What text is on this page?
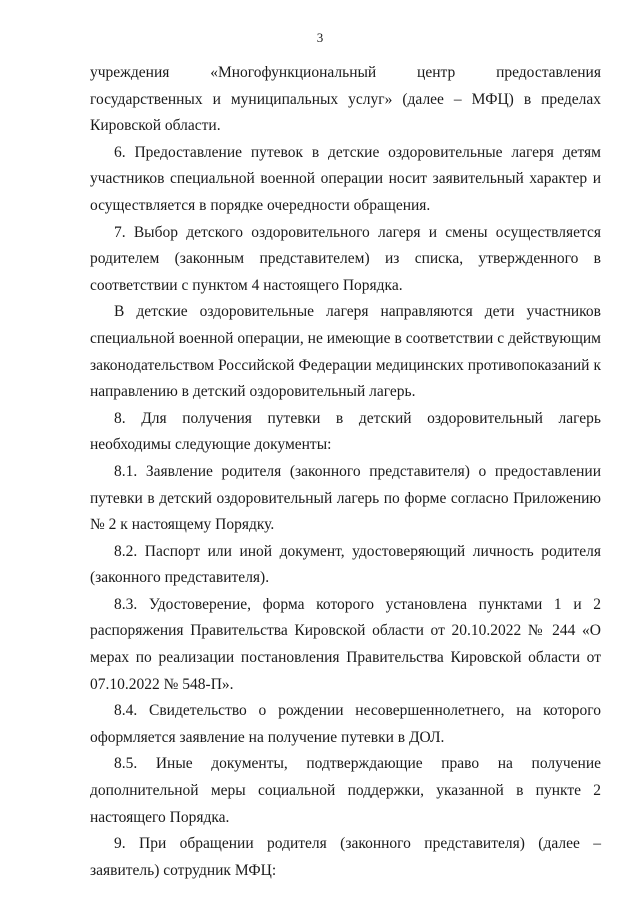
3

учреждения «Многофункциональный центр предоставления государственных и муниципальных услуг» (далее – МФЦ) в пределах Кировской области.

6. Предоставление путевок в детские оздоровительные лагеря детям участников специальной военной операции носит заявительный характер и осуществляется в порядке очередности обращения.

7. Выбор детского оздоровительного лагеря и смены осуществляется родителем (законным представителем) из списка, утвержденного в соответствии с пунктом 4 настоящего Порядка.

В детские оздоровительные лагеря направляются дети участников специальной военной операции, не имеющие в соответствии с действующим законодательством Российской Федерации медицинских противопоказаний к направлению в детский оздоровительный лагерь.

8. Для получения путевки в детский оздоровительный лагерь необходимы следующие документы:

8.1. Заявление родителя (законного представителя) о предоставлении путевки в детский оздоровительный лагерь по форме согласно Приложению № 2 к настоящему Порядку.

8.2. Паспорт или иной документ, удостоверяющий личность родителя (законного представителя).

8.3. Удостоверение, форма которого установлена пунктами 1 и 2 распоряжения Правительства Кировской области от 20.10.2022 № 244 «О мерах по реализации постановления Правительства Кировской области от 07.10.2022 № 548-П».

8.4. Свидетельство о рождении несовершеннолетнего, на которого оформляется заявление на получение путевки в ДОЛ.

8.5. Иные документы, подтверждающие право на получение дополнительной меры социальной поддержки, указанной в пункте 2 настоящего Порядка.

9. При обращении родителя (законного представителя) (далее – заявитель) сотрудник МФЦ:
